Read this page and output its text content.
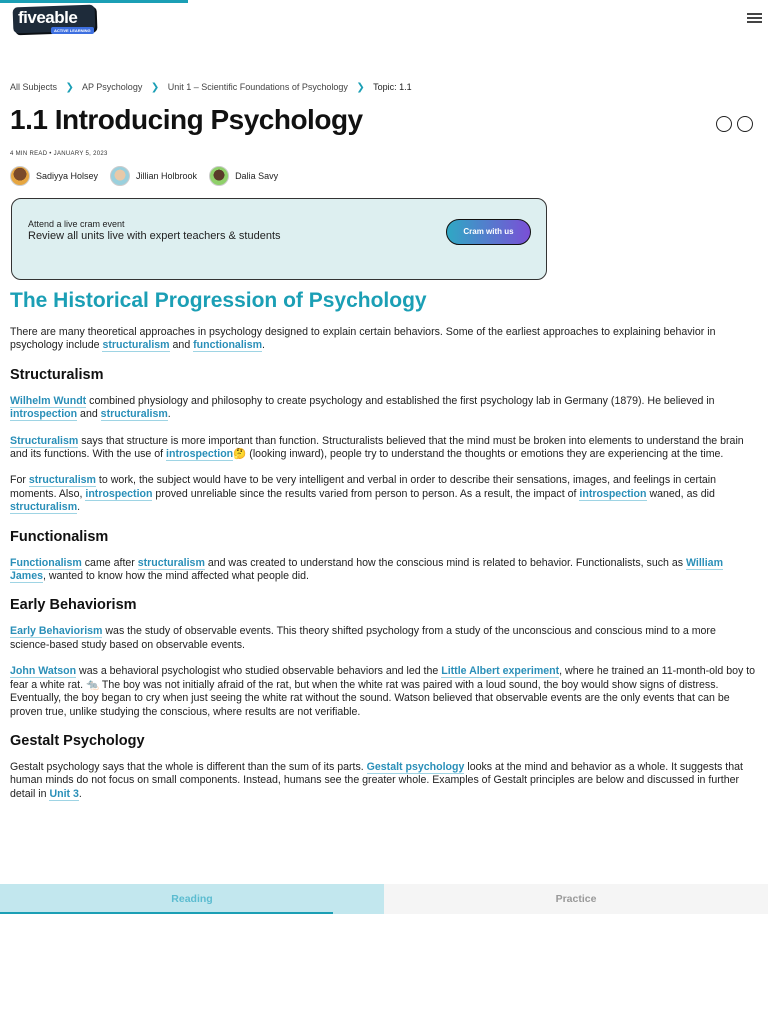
fiveable
ACTIVE LEARNING
All Subjects ❯ AP Psychology ❯ Unit 1 – Scientific Foundations of Psychology ❯ Topic: 1.1
1.1 Introducing Psychology

4 MIN READ • JANUARY 5, 2023
Sadiyya Holsey	Jillian Holbrook	Dalia Savy
Attend a live cram event
Review all units live with expert teachers & students	Cram with us
The Historical Progression of Psychology

There are many theoretical approaches in psychology designed to explain certain behaviors. Some of the earliest approaches to explaining behavior in psychology include structuralism and functionalism.

Structuralism

Wilhelm Wundt combined physiology and philosophy to create psychology and established the first psychology lab in Germany (1879). He believed in introspection and structuralism.

Structuralism says that structure is more important than function. Structuralists believed that the mind must be broken into elements to understand the brain and its functions. With the use of introspection🤔 (looking inward), people try to understand the thoughts or emotions they are experiencing at the time.

For structuralism to work, the subject would have to be very intelligent and verbal in order to describe their sensations, images, and feelings in certain moments. Also, introspection proved unreliable since the results varied from person to person. As a result, the impact of introspection waned, as did structuralism.

Functionalism

Functionalism came after structuralism and was created to understand how the conscious mind is related to behavior. Functionalists, such as William James, wanted to know how the mind affected what people did.

Early Behaviorism

Early Behaviorism was the study of observable events. This theory shifted psychology from a study of the unconscious and conscious mind to a more science-based study based on observable events.

John Watson was a behavioral psychologist who studied observable behaviors and led the Little Albert experiment, where he trained an 11-month-old boy to fear a white rat. 🐀 The boy was not initially afraid of the rat, but when the white rat was paired with a loud sound, the boy would show signs of distress. Eventually, the boy began to cry when just seeing the white rat without the sound. Watson believed that observable events are the only events that can be proven true, unlike studying the conscious, where results are not verifiable.

Gestalt Psychology

Gestalt psychology says that the whole is different than the sum of its parts. Gestalt psychology looks at the mind and behavior as a whole. It suggests that human minds do not focus on small components. Instead, humans see the greater whole. Examples of Gestalt principles are below and discussed in further detail in Unit 3.

Reading	Practice
